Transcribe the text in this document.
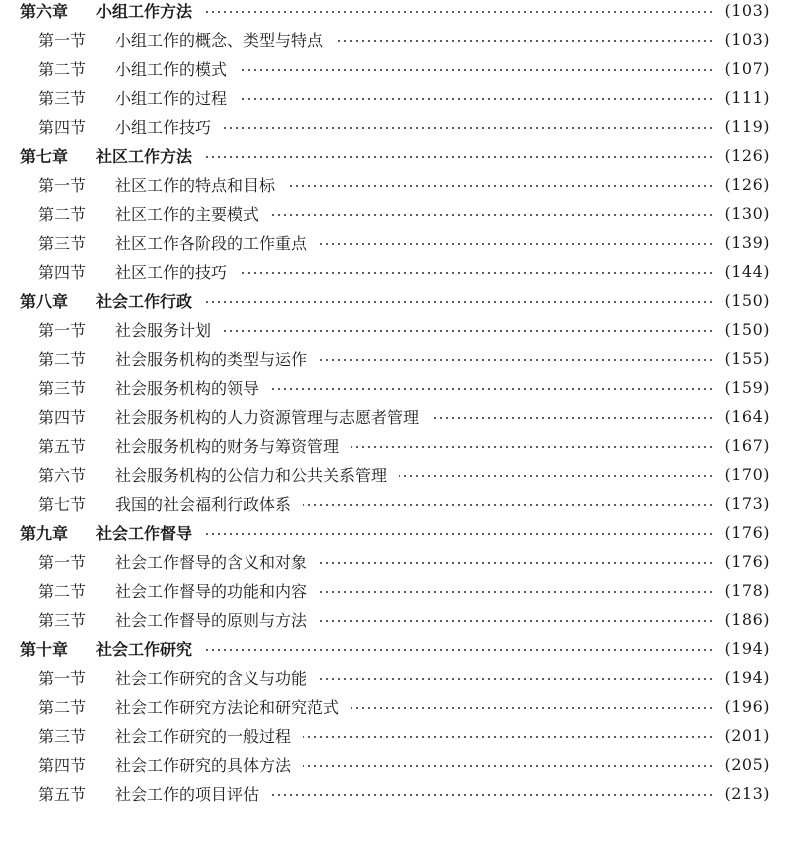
第六章 小组工作方法	(103)
第一节 小组工作的概念、类型与特点	(103)
第二节 小组工作的模式	(107)
第三节 小组工作的过程	(111)
第四节 小组工作技巧	(119)
第七章 社区工作方法	(126)
第一节 社区工作的特点和目标	(126)
第二节 社区工作的主要模式	(130)
第三节 社区工作各阶段的工作重点	(139)
第四节 社区工作的技巧	(144)
第八章 社会工作行政	(150)
第一节 社会服务计划	(150)
第二节 社会服务机构的类型与运作	(155)
第三节 社会服务机构的领导	(159)
第四节 社会服务机构的人力资源管理与志愿者管理	(164)
第五节 社会服务机构的财务与筹资管理	(167)
第六节 社会服务机构的公信力和公共关系管理	(170)
第七节 我国的社会福利行政体系	(173)
第九章 社会工作督导	(176)
第一节 社会工作督导的含义和对象	(176)
第二节 社会工作督导的功能和内容	(178)
第三节 社会工作督导的原则与方法	(186)
第十章 社会工作研究	(194)
第一节 社会工作研究的含义与功能	(194)
第二节 社会工作研究方法论和研究范式	(196)
第三节 社会工作研究的一般过程	(201)
第四节 社会工作研究的具体方法	(205)
第五节 社会工作的项目评估	(213)
